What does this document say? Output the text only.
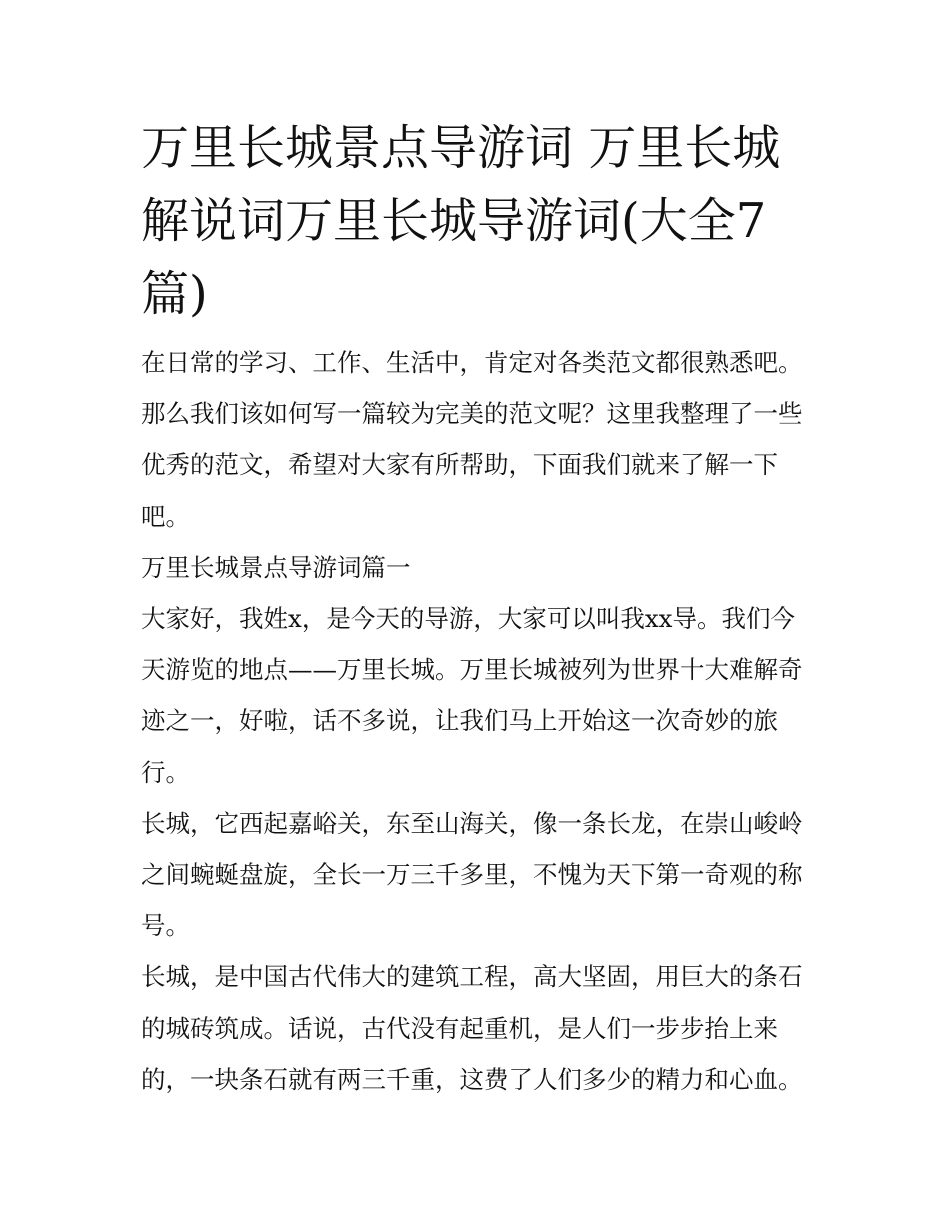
万里长城景点导游词 万里长城解说词万里长城导游词(大全7篇)

在日常的学习、工作、生活中，肯定对各类范文都很熟悉吧。那么我们该如何写一篇较为完美的范文呢？这里我整理了一些优秀的范文，希望对大家有所帮助，下面我们就来了解一下吧。

万里长城景点导游词篇一

大家好，我姓x，是今天的导游，大家可以叫我xx导。我们今天游览的地点——万里长城。万里长城被列为世界十大难解奇迹之一，好啦，话不多说，让我们马上开始这一次奇妙的旅行。

长城，它西起嘉峪关，东至山海关，像一条长龙，在崇山峻岭之间蜿蜒盘旋，全长一万三千多里，不愧为天下第一奇观的称号。

长城，是中国古代伟大的建筑工程，高大坚固，用巨大的条石的城砖筑成。话说，古代没有起重机，是人们一步步抬上来的，一块条石就有两三千重，这费了人们多少的精力和心血。
